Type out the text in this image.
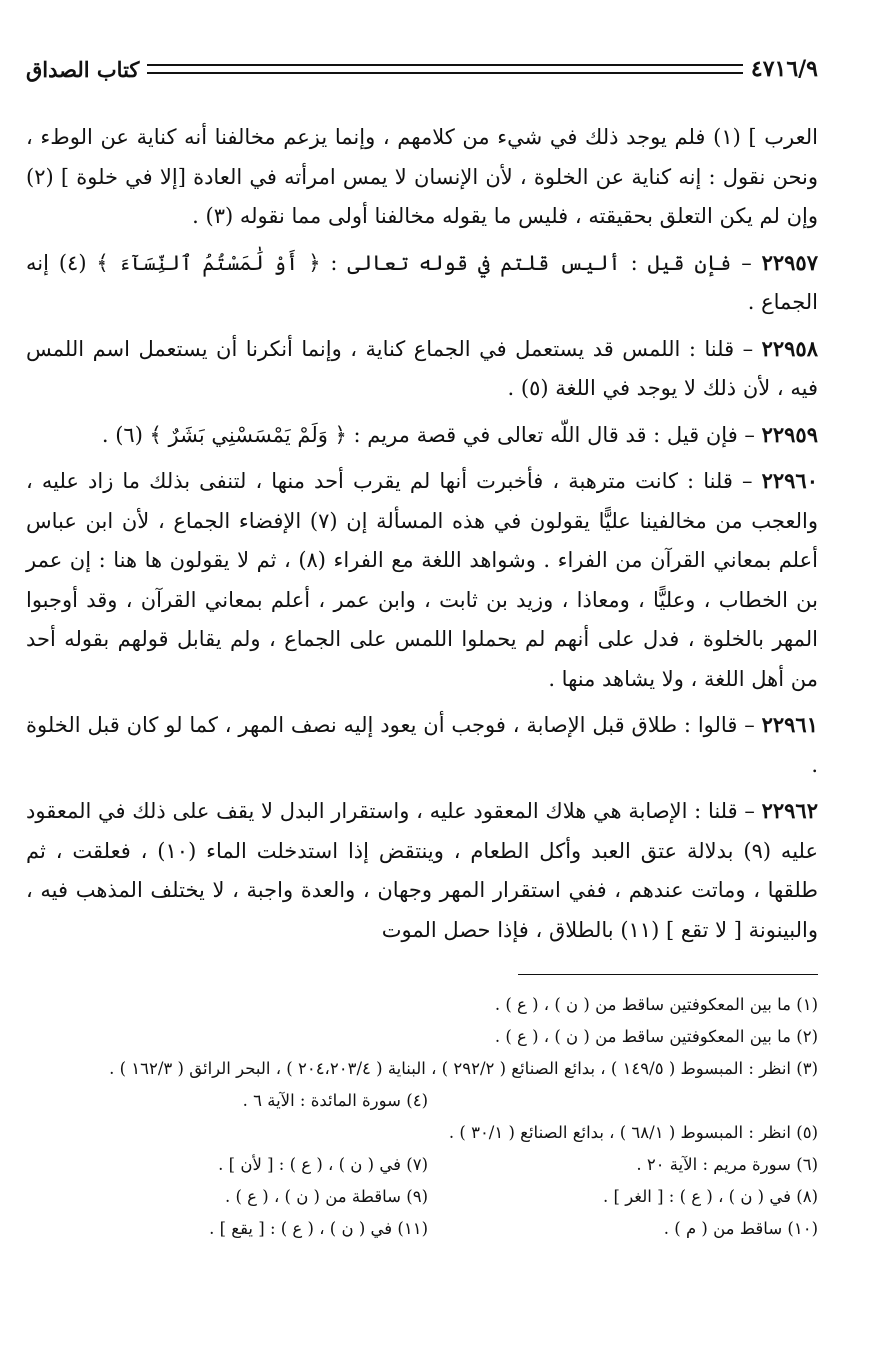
٤٧١٦/٩
كتاب الصداق

العرب ] (١) فلم يوجد ذلك في شيء من كلامهم ، وإنما يزعم مخالفنا أنه كناية عن الوطء ، ونحن نقول : إنه كناية عن الخلوة ، لأن الإنسان لا يمس امرأته في العادة [إلا في خلوة ] (٢) وإن لم يكن التعلق بحقيقته ، فليس ما يقوله مخالفنا أولى مما نقوله (٣) .

٢٢٩٥٧ – فإن قيل : أليس قلتم في قوله تعالى : ﴿ أَوْ لَٰمَسْتُمُ ٱلنِّسَآءَ ﴾ (٤) إنه الجماع .

٢٢٩٥٨ – قلنا : اللمس قد يستعمل في الجماع كناية ، وإنما أنكرنا أن يستعمل اسم اللمس فيه ، لأن ذلك لا يوجد في اللغة (٥) .

٢٢٩٥٩ – فإن قيل : قد قال اللّه تعالى في قصة مريم : ﴿ وَلَمْ يَمْسَسْنِي بَشَرٌ ﴾ (٦) .

٢٢٩٦٠ – قلنا : كانت مترهبة ، فأخبرت أنها لم يقرب أحد منها ، لتنفى بذلك ما زاد عليه ، والعجب من مخالفينا عليًّا يقولون في هذه المسألة إن (٧) الإفضاء الجماع ، لأن ابن عباس أعلم بمعاني القرآن من الفراء . وشواهد اللغة مع الفراء (٨) ، ثم لا يقولون ها هنا : إن عمر بن الخطاب ، وعليًّا ، ومعاذا ، وزيد بن ثابت ، وابن عمر ، أعلم بمعاني القرآن ، وقد أوجبوا المهر بالخلوة ، فدل على أنهم لم يحملوا اللمس على الجماع ، ولم يقابل قولهم بقوله أحد من أهل اللغة ، ولا يشاهد منها .

٢٢٩٦١ – قالوا : طلاق قبل الإصابة ، فوجب أن يعود إليه نصف المهر ، كما لو كان قبل الخلوة .

٢٢٩٦٢ – قلنا : الإصابة هي هلاك المعقود عليه ، واستقرار البدل لا يقف على ذلك في المعقود عليه (٩) بدلالة عتق العبد وأكل الطعام ، وينتقض إذا استدخلت الماء (١٠) ، فعلقت ، ثم طلقها ، وماتت عندهم ، ففي استقرار المهر وجهان ، والعدة واجبة ، لا يختلف المذهب فيه ، والبينونة [ لا تقع ] (١١) بالطلاق ، فإذا حصل الموت

(١) ما بين المعكوفتين ساقط من ( ن ) ، ( ع ) .
(٢) ما بين المعكوفتين ساقط من ( ن ) ، ( ع ) .
(٣) انظر : المبسوط ( ١٤٩/٥ ) ، بدائع الصنائع ( ٢٩٢/٢ ) ، البناية ( ٢٠٤،٢٠٣/٤ ) ، البحر الرائق ( ١٦٢/٣ ) .
(٤) سورة المائدة : الآية ٦ .
(٥) انظر : المبسوط ( ٦٨/١ ) ، بدائع الصنائع ( ٣٠/١ ) .
(٦) سورة مريم : الآية ٢٠ .
(٧) في ( ن ) ، ( ع ) : [ لأن ] .
(٨) في ( ن ) ، ( ع ) : [ الغر ] .
(٩) ساقطة من ( ن ) ، ( ع ) .
(١٠) ساقط من ( م ) .
(١١) في ( ن ) ، ( ع ) : [ يقع ] .
